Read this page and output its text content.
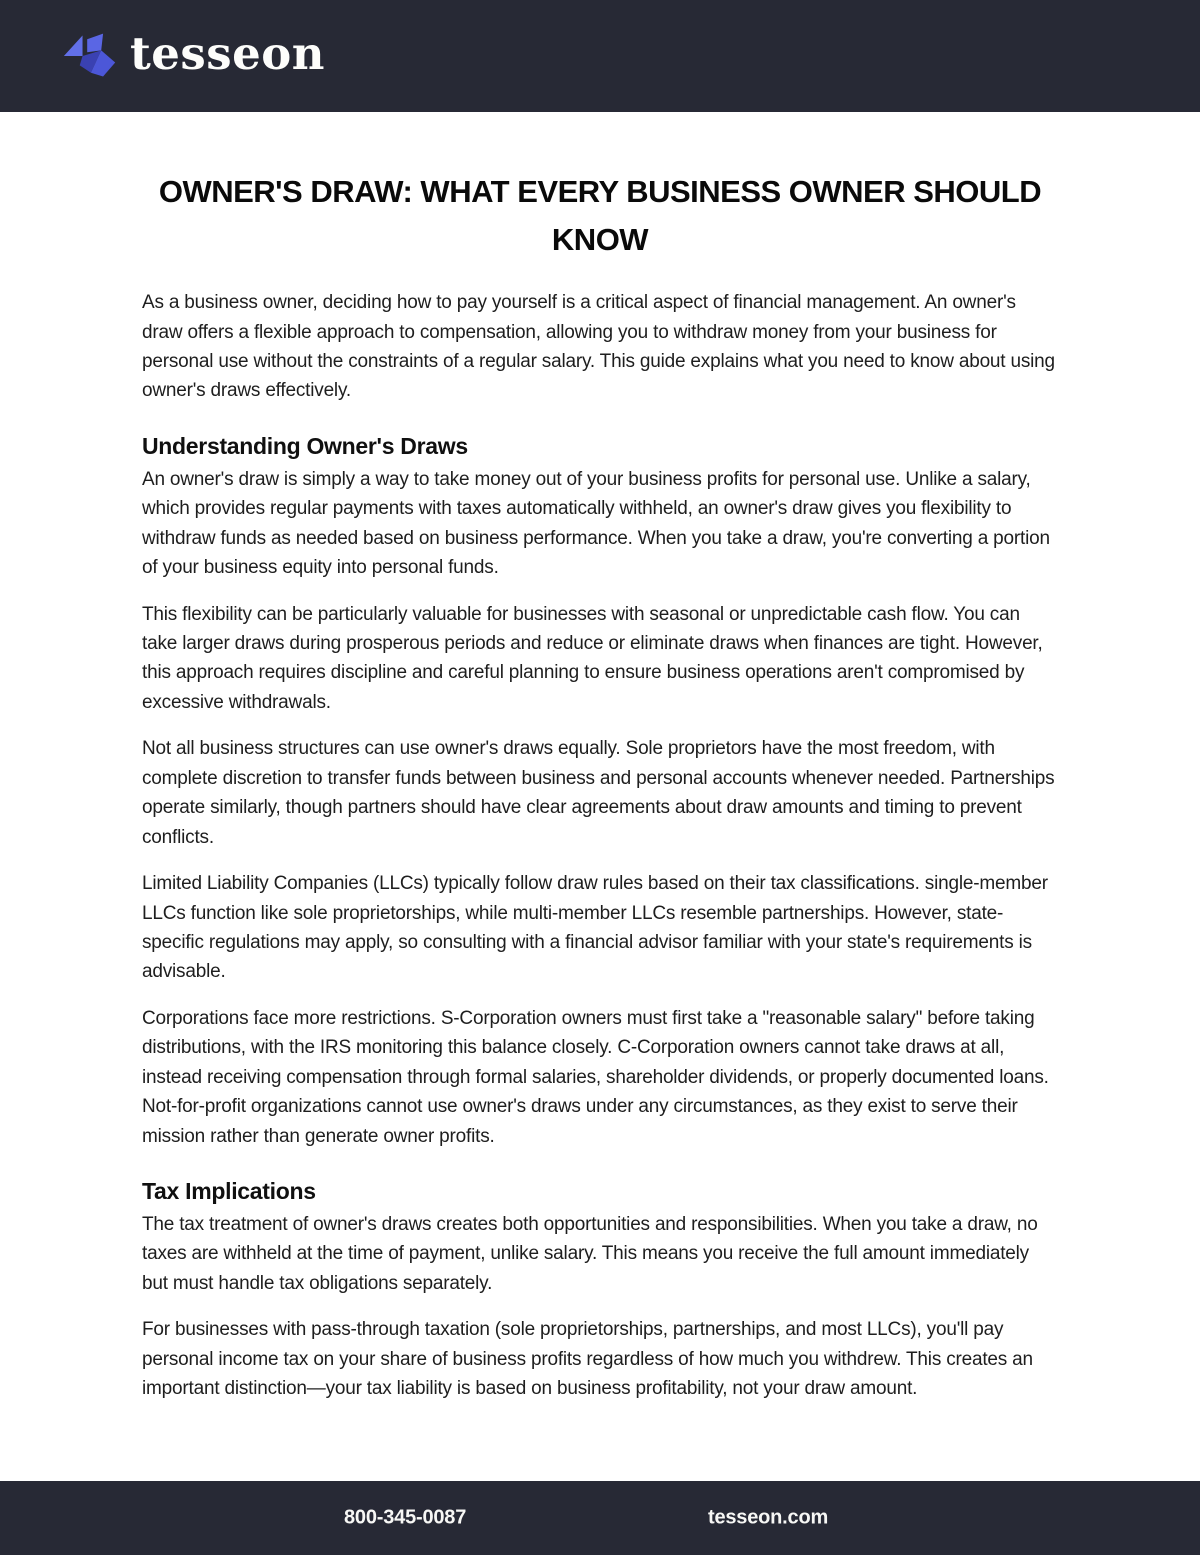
tesseon
OWNER'S DRAW: WHAT EVERY BUSINESS OWNER SHOULD KNOW

As a business owner, deciding how to pay yourself is a critical aspect of financial management. An owner's draw offers a flexible approach to compensation, allowing you to withdraw money from your business for personal use without the constraints of a regular salary. This guide explains what you need to know about using owner's draws effectively.

Understanding Owner's Draws

An owner's draw is simply a way to take money out of your business profits for personal use. Unlike a salary, which provides regular payments with taxes automatically withheld, an owner's draw gives you flexibility to withdraw funds as needed based on business performance. When you take a draw, you're converting a portion of your business equity into personal funds.

This flexibility can be particularly valuable for businesses with seasonal or unpredictable cash flow. You can take larger draws during prosperous periods and reduce or eliminate draws when finances are tight. However, this approach requires discipline and careful planning to ensure business operations aren't compromised by excessive withdrawals.

Not all business structures can use owner's draws equally. Sole proprietors have the most freedom, with complete discretion to transfer funds between business and personal accounts whenever needed. Partnerships operate similarly, though partners should have clear agreements about draw amounts and timing to prevent conflicts.

Limited Liability Companies (LLCs) typically follow draw rules based on their tax classifications. single-member LLCs function like sole proprietorships, while multi-member LLCs resemble partnerships. However, state-specific regulations may apply, so consulting with a financial advisor familiar with your state's requirements is advisable.

Corporations face more restrictions. S-Corporation owners must first take a "reasonable salary" before taking distributions, with the IRS monitoring this balance closely. C-Corporation owners cannot take draws at all, instead receiving compensation through formal salaries, shareholder dividends, or properly documented loans. Not-for-profit organizations cannot use owner's draws under any circumstances, as they exist to serve their mission rather than generate owner profits.

Tax Implications

The tax treatment of owner's draws creates both opportunities and responsibilities. When you take a draw, no taxes are withheld at the time of payment, unlike salary. This means you receive the full amount immediately but must handle tax obligations separately.

For businesses with pass-through taxation (sole proprietorships, partnerships, and most LLCs), you'll pay personal income tax on your share of business profits regardless of how much you withdrew. This creates an important distinction—your tax liability is based on business profitability, not your draw amount.

800-345-0087	tesseon.com
